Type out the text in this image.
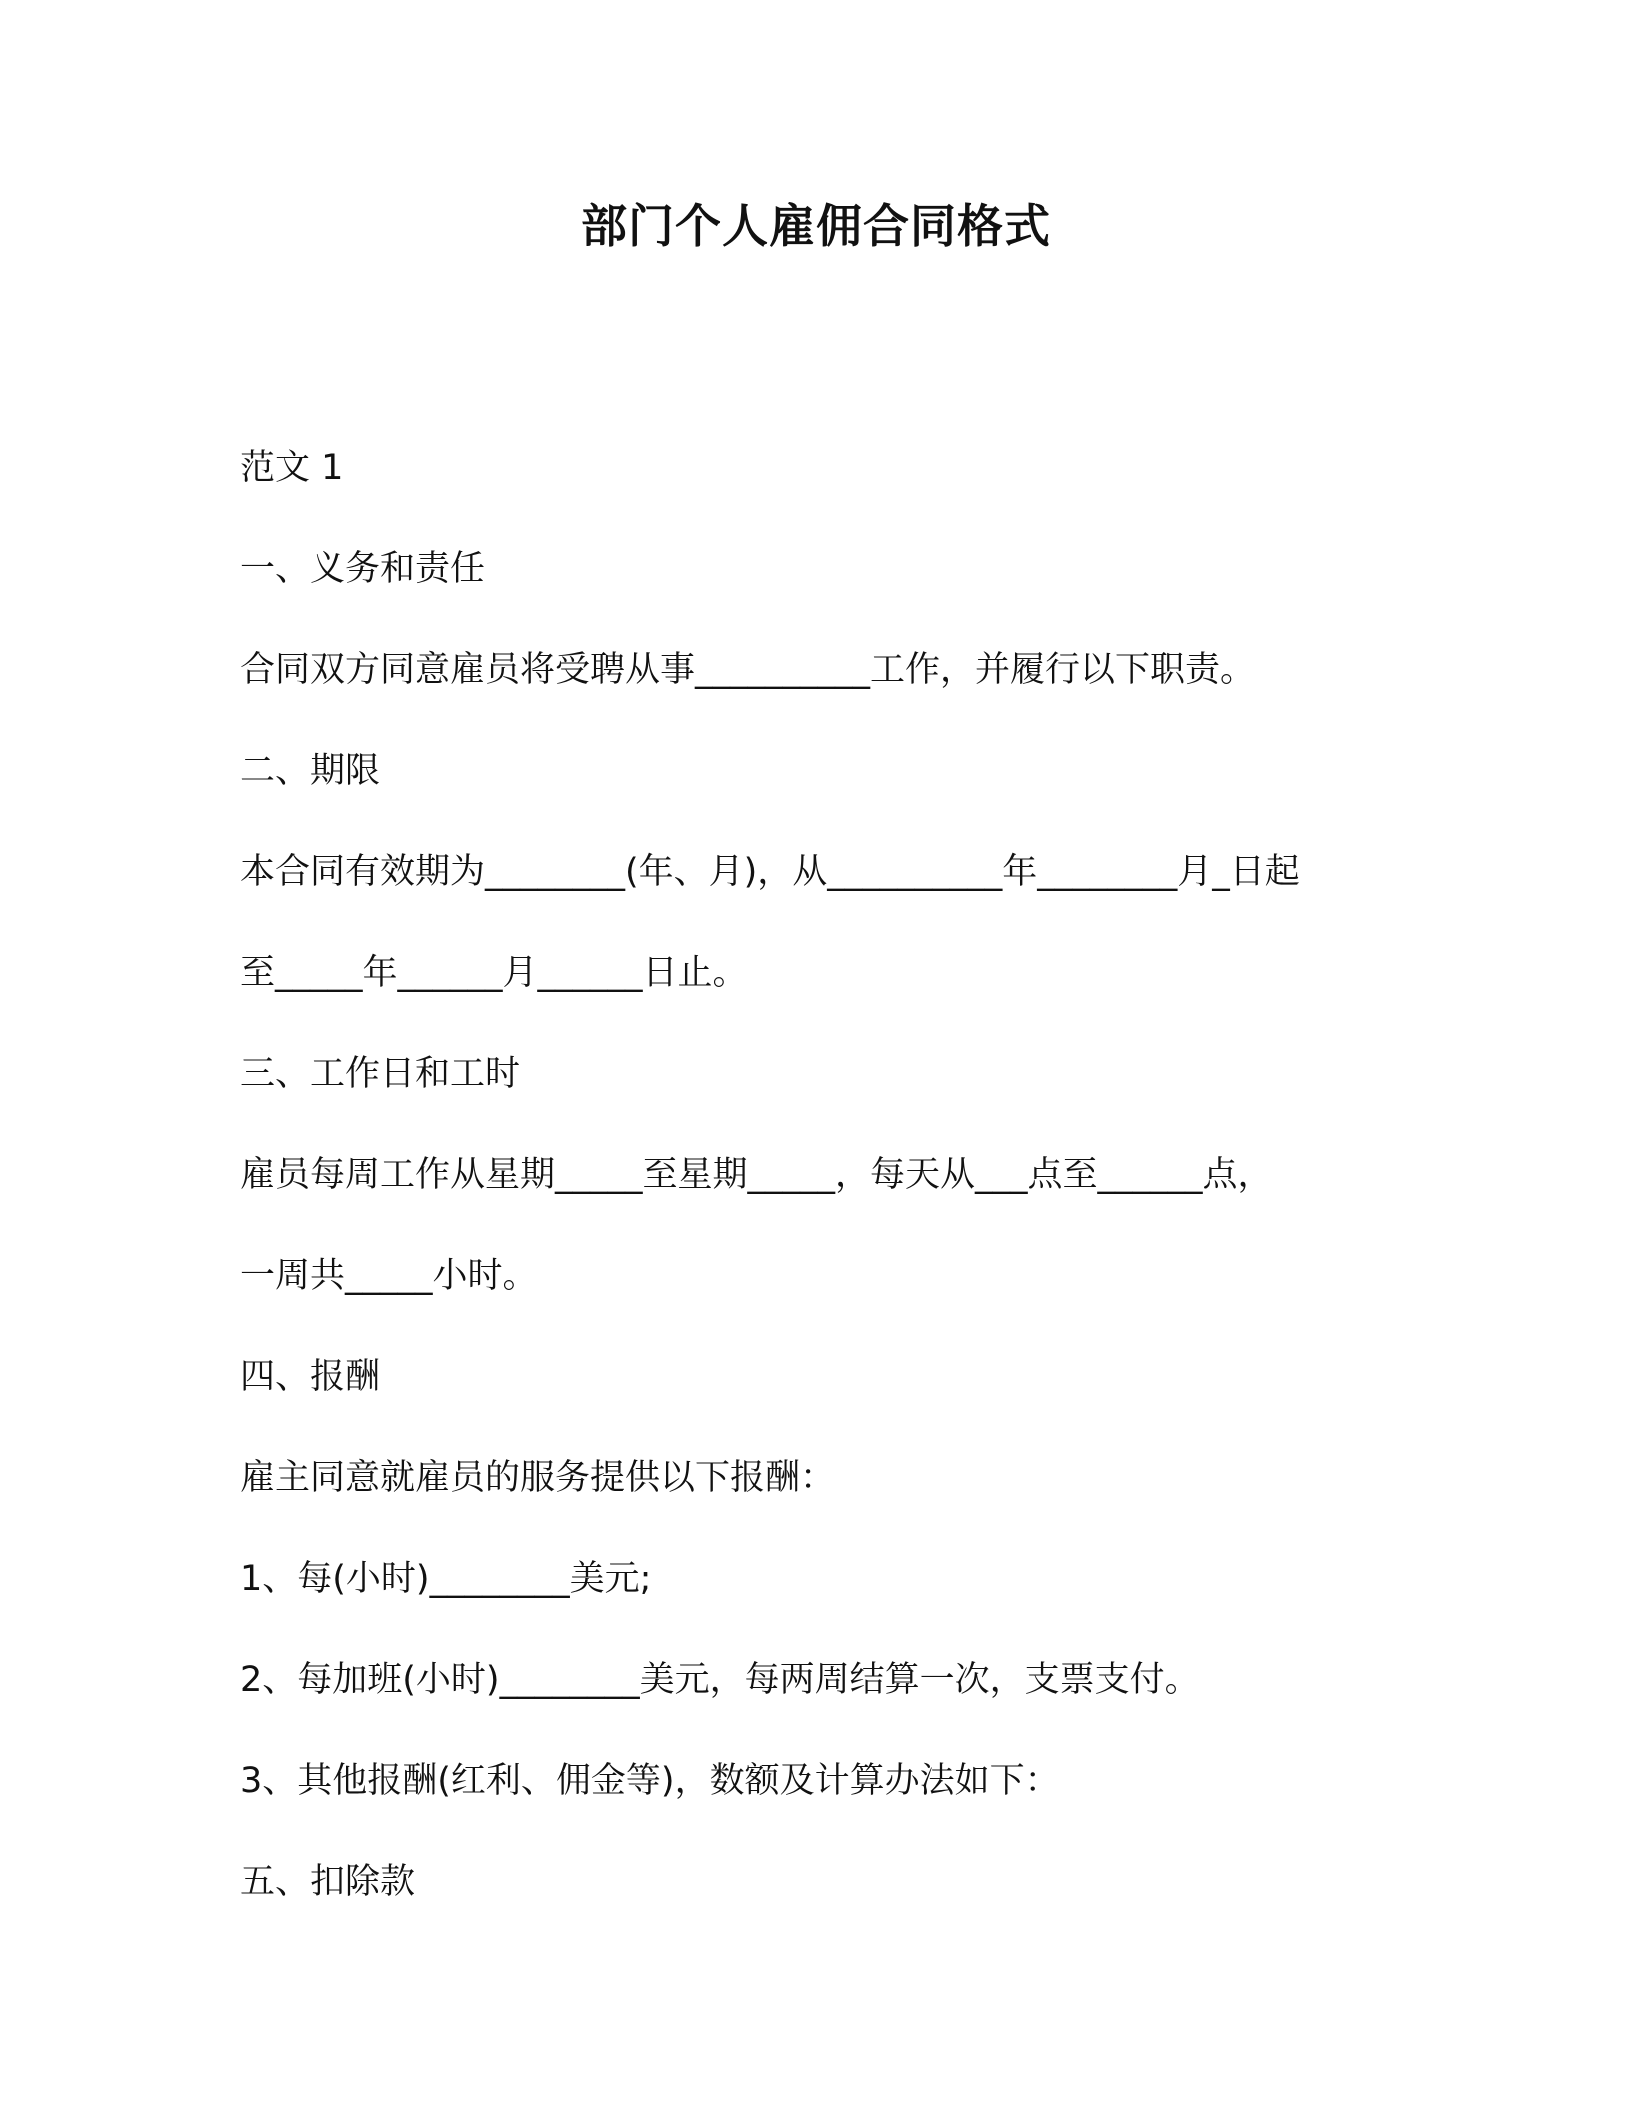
部门个人雇佣合同格式
范文 1
一、义务和责任
合同双方同意雇员将受聘从事__________工作，并履行以下职责。
二、期限
本合同有效期为________(年、月)，从__________年________月_日起
至_____年______月______日止。
三、工作日和工时
雇员每周工作从星期_____至星期_____，每天从___点至______点，
一周共_____小时。
四、报酬
雇主同意就雇员的服务提供以下报酬：
1、每(小时)________美元;
2、每加班(小时)________美元，每两周结算一次，支票支付。
3、其他报酬(红利、佣金等)，数额及计算办法如下：
五、扣除款
